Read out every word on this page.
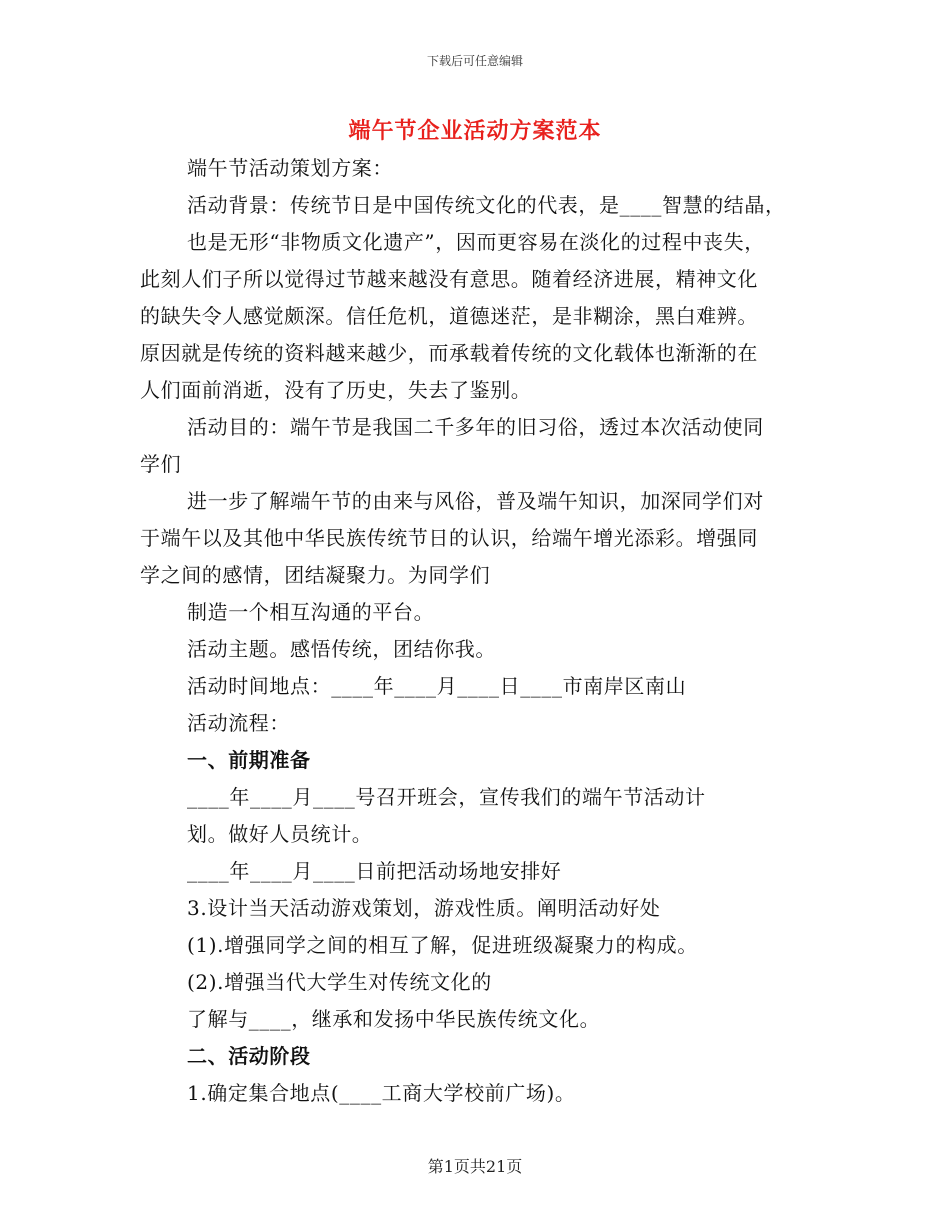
下载后可任意编辑
端午节企业活动方案范本
端午节活动策划方案：
活动背景：传统节日是中国传统文化的代表，是____智慧的结晶，
也是无形“非物质文化遗产”，因而更容易在淡化的过程中丧失，
此刻人们子所以觉得过节越来越没有意思。随着经济进展，精神文化
的缺失令人感觉颇深。信任危机，道德迷茫，是非糊涂，黑白难辨。
原因就是传统的资料越来越少，而承载着传统的文化载体也渐渐的在
人们面前消逝，没有了历史，失去了鉴别。
活动目的：端午节是我国二千多年的旧习俗，透过本次活动使同
学们
进一步了解端午节的由来与风俗，普及端午知识，加深同学们对
于端午以及其他中华民族传统节日的认识，给端午增光添彩。增强同
学之间的感情，团结凝聚力。为同学们
制造一个相互沟通的平台。
活动主题。感悟传统，团结你我。
活动时间地点：____年____月____日____市南岸区南山
活动流程：
一、前期准备
____年____月____号召开班会，宣传我们的端午节活动计
划。做好人员统计。
____年____月____日前把活动场地安排好
3.设计当天活动游戏策划，游戏性质。阐明活动好处
(1).增强同学之间的相互了解，促进班级凝聚力的构成。
(2).增强当代大学生对传统文化的
了解与____，继承和发扬中华民族传统文化。
二、活动阶段
1.确定集合地点(____工商大学校前广场)。
第1页共21页
